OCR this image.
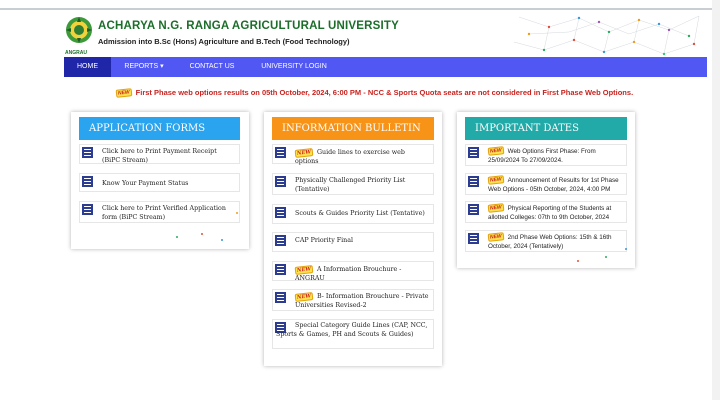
ANGRAU
ACHARYA N.G. RANGA AGRICULTURAL UNIVERSITY
Admission into B.Sc (Hons) Agriculture and B.Tech (Food Technology)
HOME	REPORTS ▾	CONTACT US	UNIVERSITY LOGIN
NEW First Phase web options results on 05th October, 2024, 6:00 PM - NCC & Sports Quota seats are not considered in First Phase Web Options.
APPLICATION FORMS
Click here to Print Payment Receipt (BiPC Stream)
Know Your Payment Status
Click here to Print Verified Application form (BiPC Stream)
INFORMATION BULLETIN
NEW Guide lines to exercise web options
Physically Challenged Priority List (Tentative)
Scouts & Guides Priority List (Tentative)
CAP Priority Final
NEW A Information Brouchure - ANGRAU
NEW B- Information Brouchure - Private Universities Revised-2
Special Category Guide Lines (CAP, NCC, Sports & Games, PH and Scouts & Guides)
IMPORTANT DATES
NEW Web Options First Phase: From 25/09/2024 To 27/09/2024.
NEW Announcement of Results for 1st Phase Web Options - 05th October, 2024, 4:00 PM
NEW Physical Reporting of the Students at allotted Colleges: 07th to 9th October, 2024
NEW 2nd Phase Web Options: 15th & 16th October, 2024 (Tentatively)
